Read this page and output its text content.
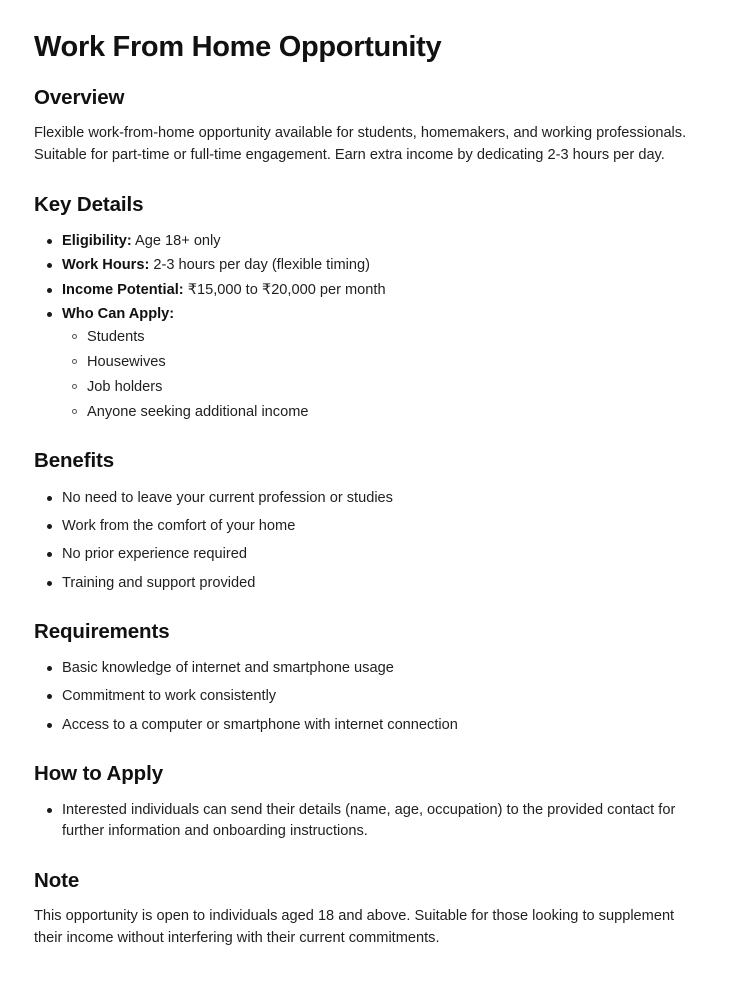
Work From Home Opportunity
Overview

Flexible work-from-home opportunity available for students, homemakers, and working professionals. Suitable for part-time or full-time engagement. Earn extra income by dedicating 2-3 hours per day.

Key Details
Eligibility: Age 18+ only
Work Hours: 2-3 hours per day (flexible timing)
Income Potential: ₹15,000 to ₹20,000 per month
Who Can Apply:
Students
Housewives
Job holders
Anyone seeking additional income
Benefits
No need to leave your current profession or studies
Work from the comfort of your home
No prior experience required
Training and support provided
Requirements
Basic knowledge of internet and smartphone usage
Commitment to work consistently
Access to a computer or smartphone with internet connection
How to Apply
Interested individuals can send their details (name, age, occupation) to the provided contact for further information and onboarding instructions.
Note

This opportunity is open to individuals aged 18 and above. Suitable for those looking to supplement their income without interfering with their current commitments.
